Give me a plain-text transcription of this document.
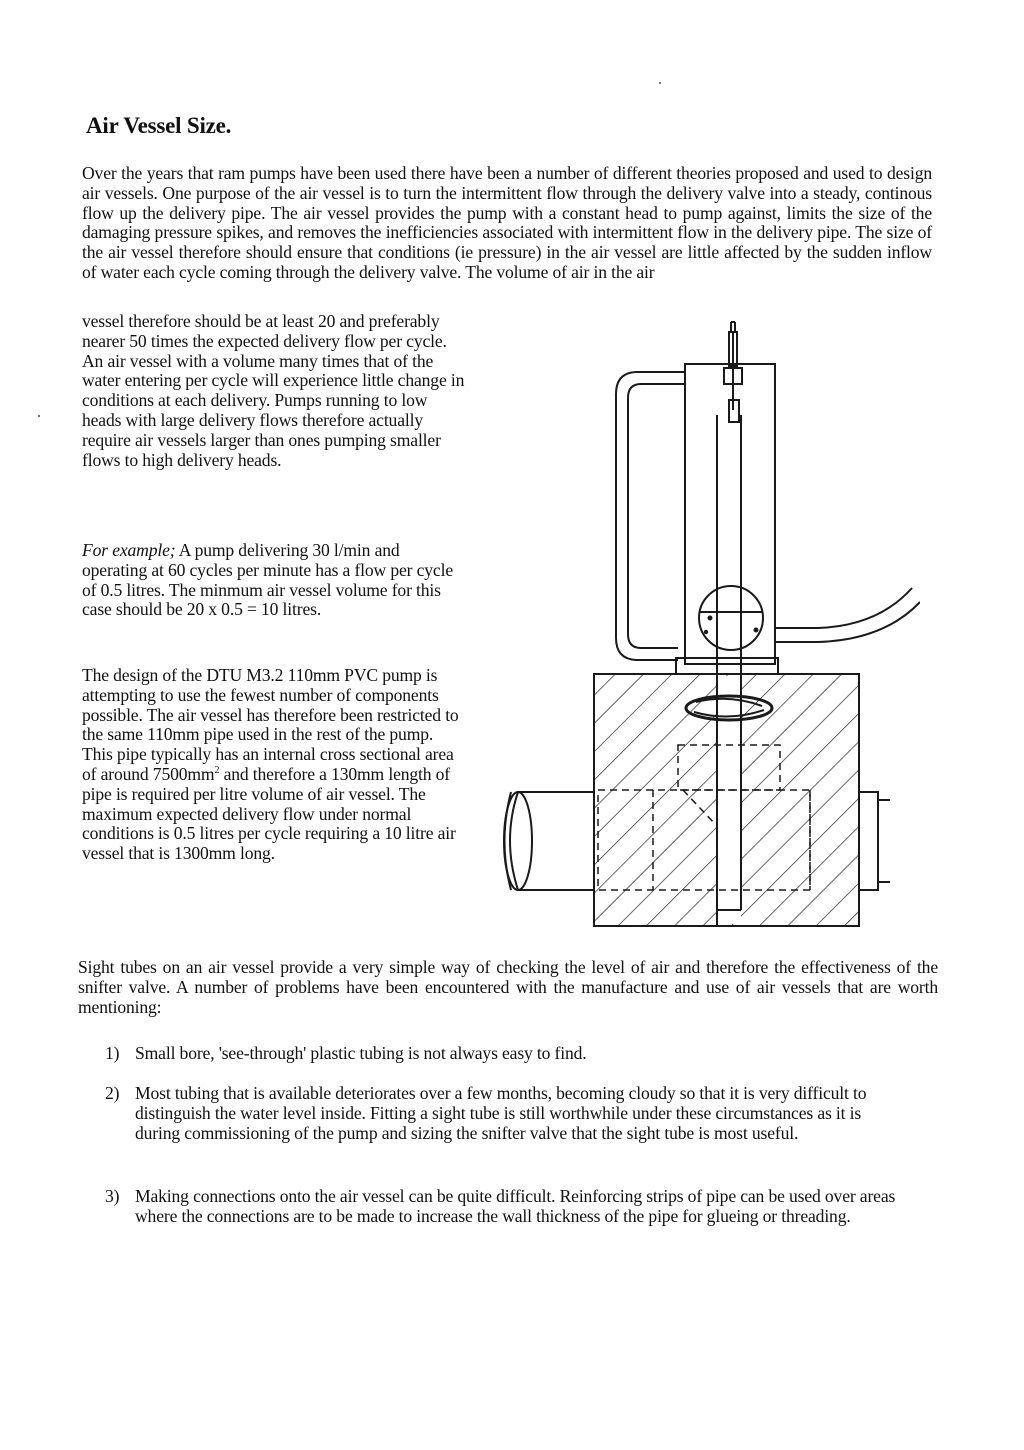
Air Vessel Size.
Over the years that ram pumps have been used there have been a number of different theories proposed and used to design air vessels. One purpose of the air vessel is to turn the intermittent flow through the delivery valve into a steady, continous flow up the delivery pipe. The air vessel provides the pump with a constant head to pump against, limits the size of the damaging pressure spikes, and removes the inefficiencies associated with intermittent flow in the delivery pipe. The size of the air vessel therefore should ensure that conditions (ie pressure) in the air vessel are little affected by the sudden inflow of water each cycle coming through the delivery valve. The volume of air in the air
vessel therefore should be at least 20 and preferably nearer 50 times the expected delivery flow per cycle. An air vessel with a volume many times that of the water entering per cycle will experience little change in conditions at each delivery. Pumps running to low heads with large delivery flows therefore actually require air vessels larger than ones pumping smaller flows to high delivery heads.
For example; A pump delivering 30 l/min and operating at 60 cycles per minute has a flow per cycle of 0.5 litres. The minmum air vessel volume for this case should be 20 x 0.5 = 10 litres.
The design of the DTU M3.2 110mm PVC pump is attempting to use the fewest number of components possible. The air vessel has therefore been restricted to the same 110mm pipe used in the rest of the pump. This pipe typically has an internal cross sectional area of around $7500mm^2$ and therefore a 130mm length of pipe is required per litre volume of air vessel. The maximum expected delivery flow under normal conditions is 0.5 litres per cycle requiring a 10 litre air vessel that is 1300mm long.
Sight tubes on an air vessel provide a very simple way of checking the level of air and therefore the effectiveness of the snifter valve. A number of problems have been encountered with the manufacture and use of air vessels that are worth mentioning:
1) Small bore, 'see-through' plastic tubing is not always easy to find.
2) Most tubing that is available deteriorates over a few months, becoming cloudy so that it is very difficult to distinguish the water level inside. Fitting a sight tube is still worthwhile under these circumstances as it is during commissioning of the pump and sizing the snifter valve that the sight tube is most useful.
3) Making connections onto the air vessel can be quite difficult. Reinforcing strips of pipe can be used over areas where the connections are to be made to increase the wall thickness of the pipe for glueing or threading.
